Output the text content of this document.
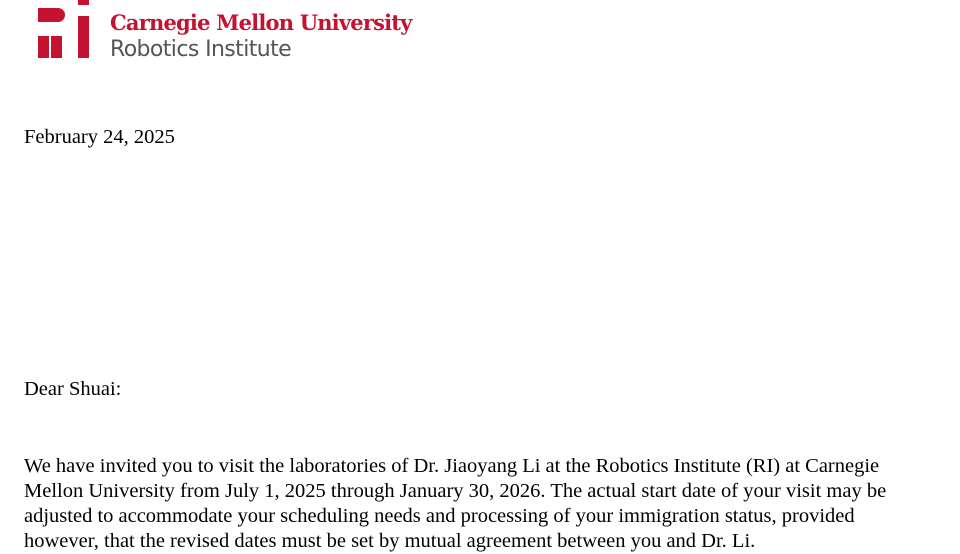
Carnegie Mellon University
Robotics Institute

February 24, 2025

Dear Shuai:

We have invited you to visit the laboratories of Dr. Jiaoyang Li at the Robotics Institute (RI) at Carnegie
Mellon University from July 1, 2025 through January 30, 2026. The actual start date of your visit may be
adjusted to accommodate your scheduling needs and processing of your immigration status, provided
however, that the revised dates must be set by mutual agreement between you and Dr. Li.
